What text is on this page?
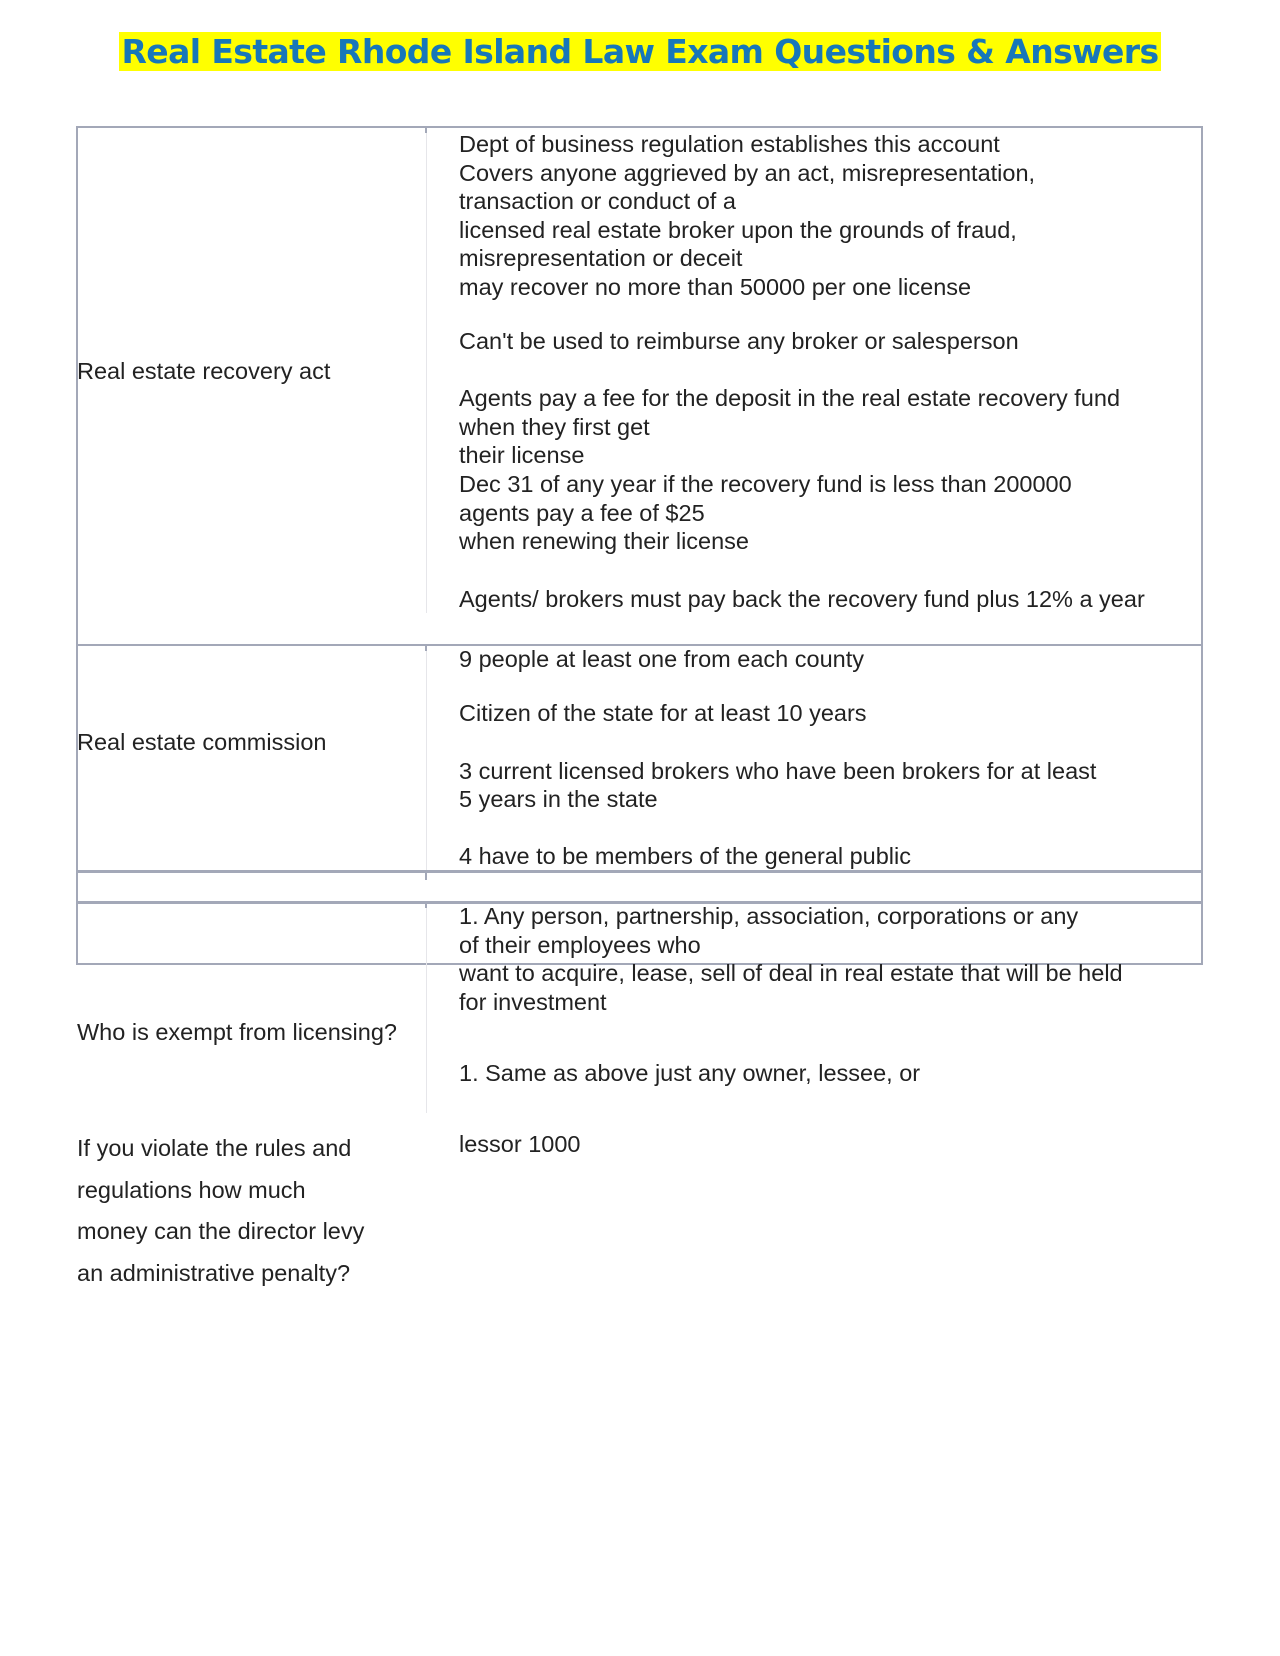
Real Estate Rhode Island Law Exam Questions & Answers
Real estate recovery act
Dept of business regulation establishes this account
Covers anyone aggrieved by an act, misrepresentation,
transaction or conduct of a
licensed real estate broker upon the grounds of fraud,
misrepresentation or deceit
may recover no more than 50000 per one license
Can't be used to reimburse any broker or salesperson
Agents pay a fee for the deposit in the real estate recovery fund
when they first get
their license
Dec 31 of any year if the recovery fund is less than 200000
agents pay a fee of $25
when renewing their license
Agents/ brokers must pay back the recovery fund plus 12% a year
Real estate commission
9 people at least one from each county
Citizen of the state for at least 10 years
3 current licensed brokers who have been brokers for at least
5 years in the state
4 have to be members of the general public
Who is exempt from licensing?
1. Any person, partnership, association, corporations or any
of their employees who
want to acquire, lease, sell of deal in real estate that will be held
for investment
1. Same as above just any owner, lessee, or
lessor 1000
If you violate the rules and
regulations how much
money can the director levy
an administrative penalty?
